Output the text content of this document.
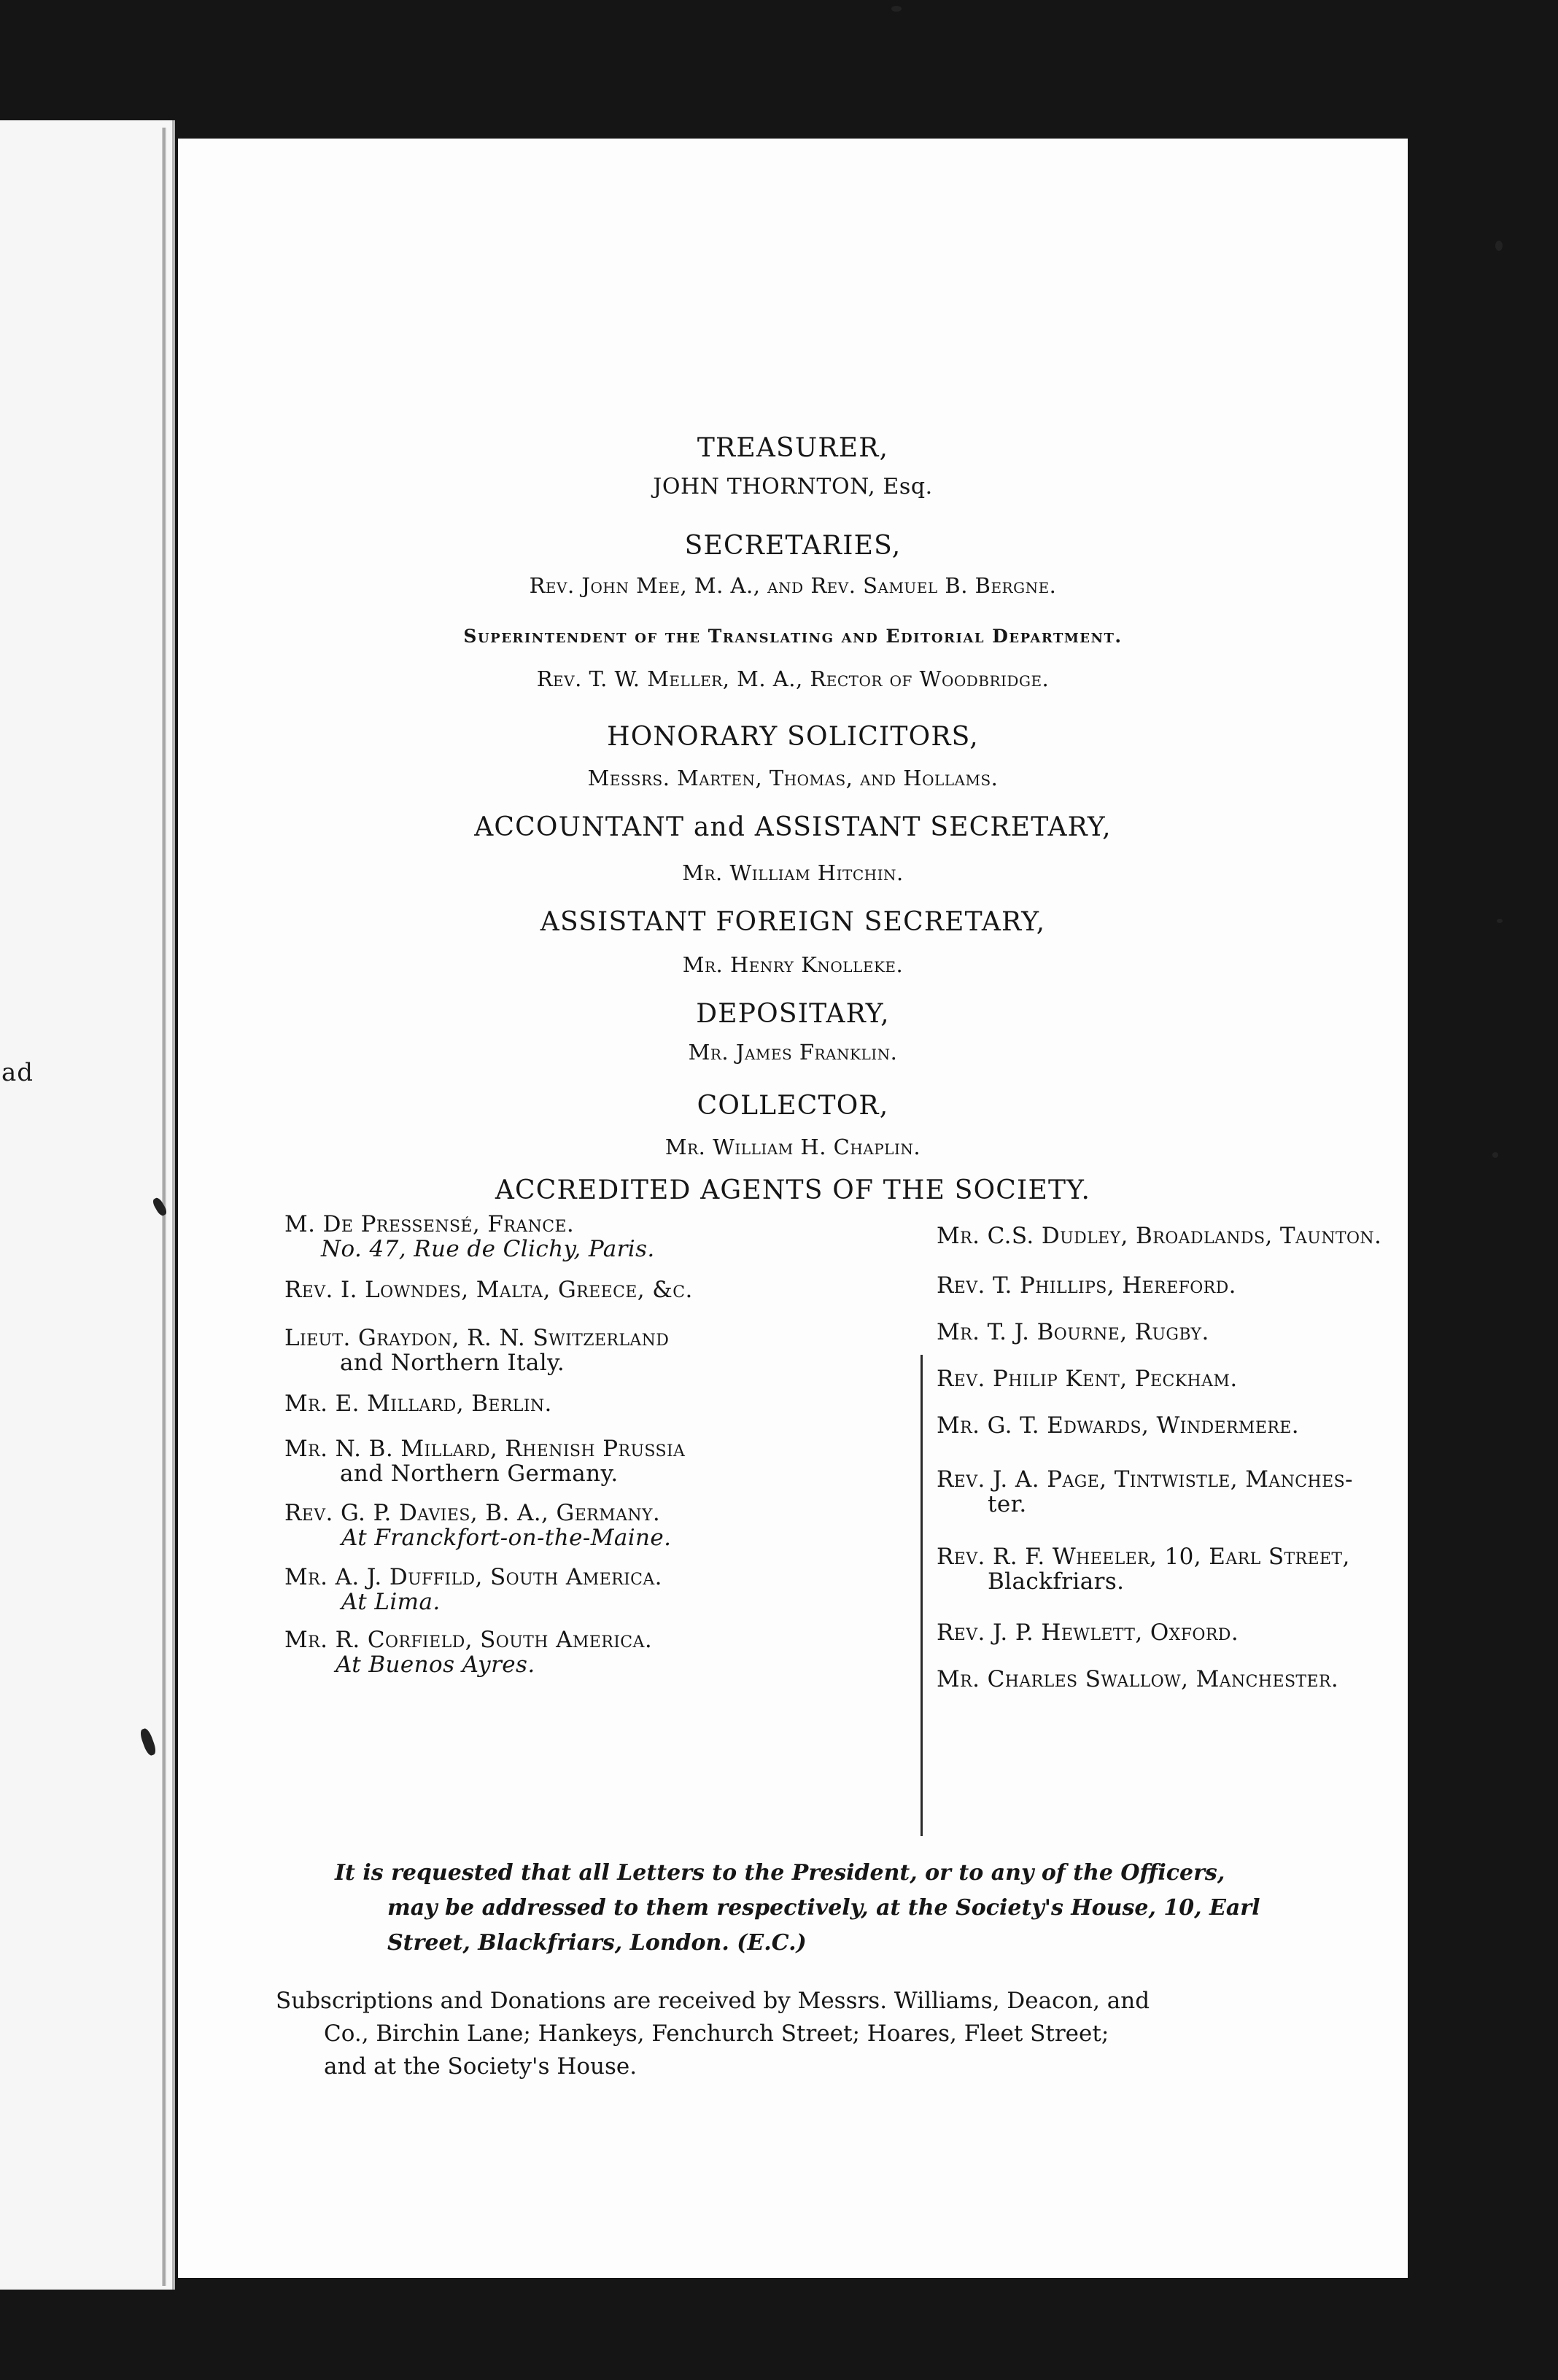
ad
TREASURER,
JOHN THORNTON, Esq.
SECRETARIES,
Rev. John Mee, M. A., and Rev. Samuel B. Bergne.
Superintendent of the Translating and Editorial Department.
Rev. T. W. Meller, M. A., Rector of Woodbridge.
HONORARY SOLICITORS,
Messrs. Marten, Thomas, and Hollams.
ACCOUNTANT and ASSISTANT SECRETARY,
Mr. William Hitchin.
ASSISTANT FOREIGN SECRETARY,
Mr. Henry Knolleke.
DEPOSITARY,
Mr. James Franklin.
COLLECTOR,
Mr. William H. Chaplin.
ACCREDITED AGENTS OF THE SOCIETY.
M. De Pressensé, France.
No. 47, Rue de Clichy, Paris.
Rev. I. Lowndes, Malta, Greece, &c.
Lieut. Graydon, R. N. Switzerland
and Northern Italy.
Mr. E. Millard, Berlin.
Mr. N. B. Millard, Rhenish Prussia
and Northern Germany.
Rev. G. P. Davies, B. A., Germany.
At Franckfort-on-the-Maine.
Mr. A. J. Duffild, South America.
At Lima.
Mr. R. Corfield, South America.
At Buenos Ayres.
Mr. C.S. Dudley, Broadlands, Taunton.
Rev. T. Phillips, Hereford.
Mr. T. J. Bourne, Rugby.
Rev. Philip Kent, Peckham.
Mr. G. T. Edwards, Windermere.
Rev. J. A. Page, Tintwistle, Manches-
ter.
Rev. R. F. Wheeler, 10, Earl Street,
Blackfriars.
Rev. J. P. Hewlett, Oxford.
Mr. Charles Swallow, Manchester.
It is requested that all Letters to the President, or to any of the Officers,
may be addressed to them respectively, at the Society's House, 10, Earl
Street, Blackfriars, London. (E.C.)
Subscriptions and Donations are received by Messrs. Williams, Deacon, and
Co., Birchin Lane; Hankeys, Fenchurch Street; Hoares, Fleet Street;
and at the Society's House.
